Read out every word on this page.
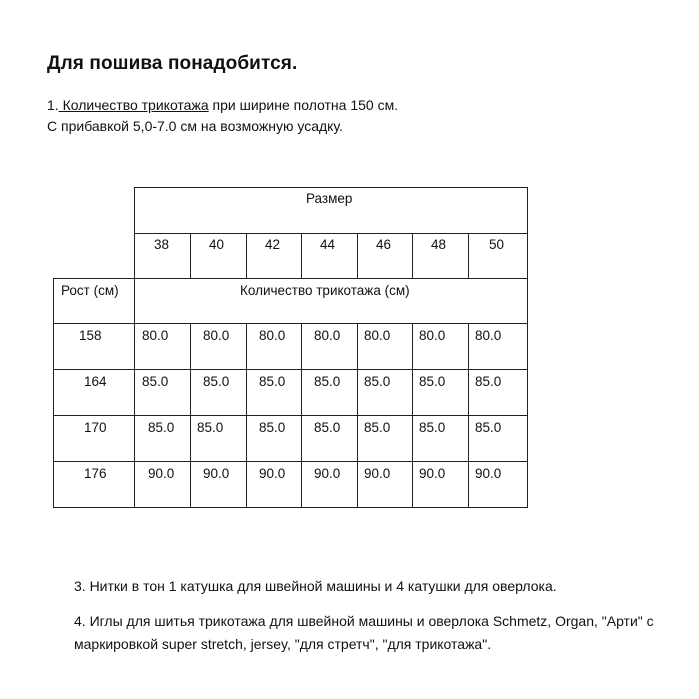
Для пошива понадобится.
1. Количество трикотажа при ширине полотна 150 см.
С прибавкой 5,0-7.0 см на возможную усадку.
Размер
38	40	42	44	46	48	50
Рост (см)	Количество трикотажа (см)
158	80.0	80.0 80.0 80.0 80.0 80.0 80.0
164	85.0	85.0 85.0 85.0 85.0 85.0 85.0
170	85.0 85.0	85.0 85.0 85.0 85.0 85.0
176	90.0 90.0 90.0 90.0 90.0 90.0 90.0
3. Нитки в тон 1 катушка для швейной машины и 4 катушки для оверлока.
4. Иглы для шитья трикотажа для швейной машины и оверлока Schmetz, Organ, "Арти" с
маркировкой super stretch, jersey, "для стретч", "для трикотажа".
